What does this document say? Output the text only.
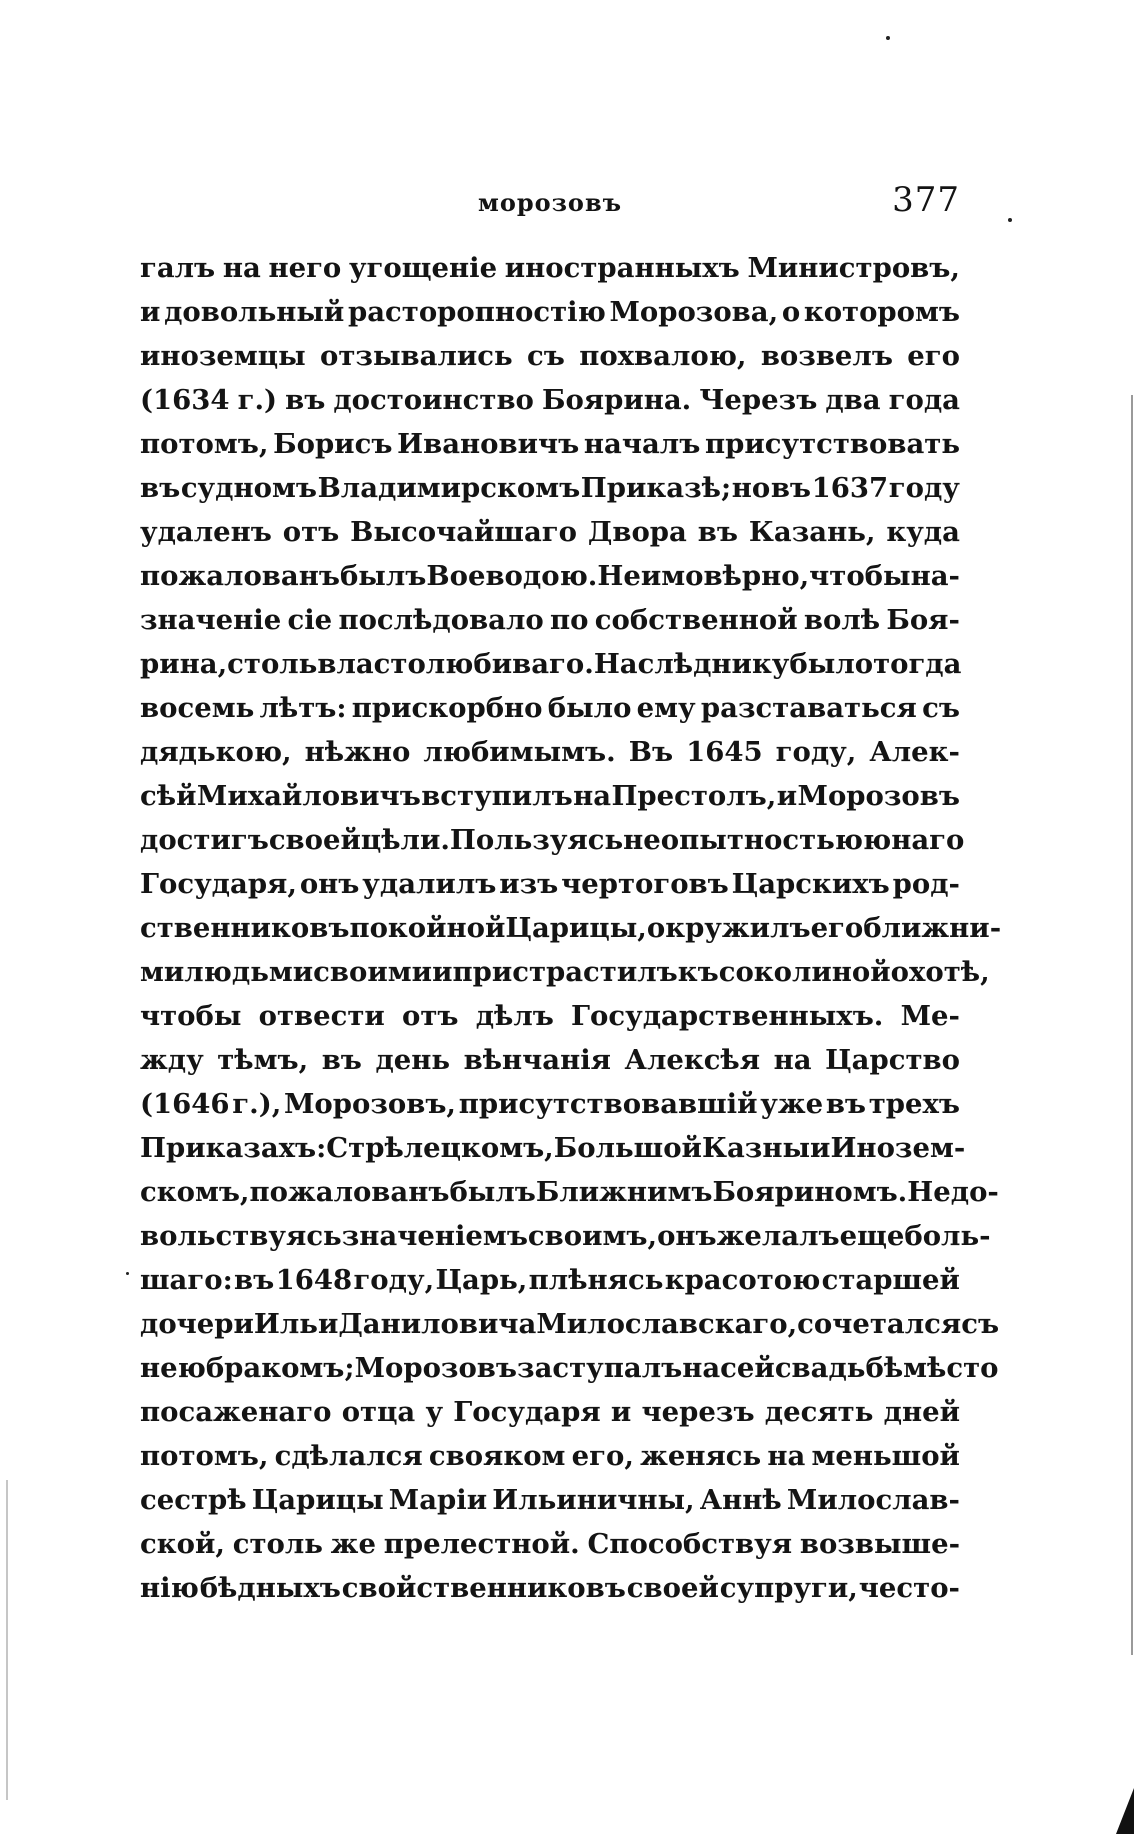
морозовъ	377
галъ на него угощеніе иностранныхъ Министровъ,
и довольный расторопностію Морозова, о которомъ
иноземцы отзывались съ похвалою, возвелъ его
(1634 г.) въ достоинство Боярина. Черезъ два года
потомъ, Борисъ Ивановичъ началъ присутствовать
въ судномъ Владимирскомъ Приказѣ; но въ 1637 году
удаленъ отъ Высочайшаго Двора въ Казань, куда
пожалованъ былъ Воеводою. Неимовѣрно, чтобы на-
значеніе сіе послѣдовало по собственной волѣ Боя-
рина, столь властолюбиваго. Наслѣднику было тогда
восемь лѣтъ: прискорбно было ему разставаться съ
дядькою, нѣжно любимымъ. Въ 1645 году, Алек-
сѣй Михайловичъ вступилъ на Престолъ, и Морозовъ
достигъ своей цѣли. Пользуясь неопытностью юнаго
Государя, онъ удалилъ изъ чертоговъ Царскихъ род-
ственниковъ покойной Царицы, окружилъ его ближни-
ми людьми своими и пристрастилъ къ соколиной охотѣ,
чтобы отвести отъ дѣлъ Государственныхъ. Ме-
жду тѣмъ, въ день вѣнчанія Алексѣя на Царство
(1646 г.), Морозовъ, присутствовавшій уже въ трехъ
Приказахъ: Стрѣлецкомъ, Большой Казны и Инозем-
скомъ, пожалованъ былъ Ближнимъ Бояриномъ. Не до-
вольствуясь значеніемъ своимъ, онъ желалъ еще боль-
шаго: въ 1648 году, Царь, плѣнясь красотою старшей
дочери Ильи Даниловича Милославскаго, сочетался съ
нею бракомъ; Морозовъ заступалъ на сей свадьбѣ мѣсто
посаженаго отца у Государя и черезъ десять дней
потомъ, сдѣлался свояком его, женясь на меньшой
сестрѣ Царицы Маріи Ильиничны, Аннѣ Милослав-
ской, столь же прелестной. Способствуя возвыше-
нію бѣдныхъ свойственниковъ своей супруги, често-
